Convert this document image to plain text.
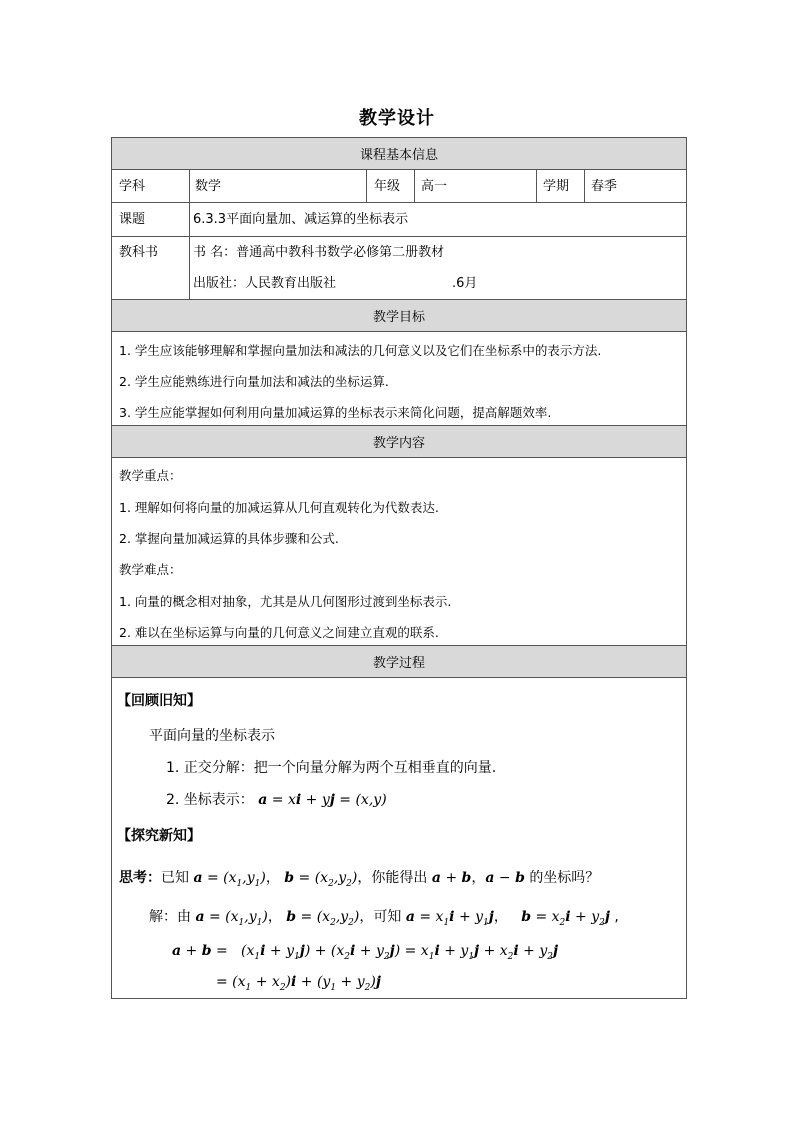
教学设计
课程基本信息
学科	数学	年级 高一	学期 春季
课题	6.3.3平面向量加、减运算的坐标表示
教科书	书 名：普通高中教科书数学必修第二册教材
出版社：人民教育出版社	.6月
教学目标
1. 学生应该能够理解和掌握向量加法和减法的几何意义以及它们在坐标系中的表示方法.
2. 学生应能熟练进行向量加法和减法的坐标运算.
3. 学生应能掌握如何利用向量加减运算的坐标表示来简化问题，提高解题效率.
教学内容
教学重点：
1. 理解如何将向量的加减运算从几何直观转化为代数表达.
2. 掌握向量加减运算的具体步骤和公式.
教学难点：
1. 向量的概念相对抽象，尤其是从几何图形过渡到坐标表示.
2. 难以在坐标运算与向量的几何意义之间建立直观的联系.
教学过程
【回顾旧知】
平面向量的坐标表示
1. 正交分解：把一个向量分解为两个互相垂直的向量.
2. 坐标表示： a = xi + yj = (x,y)
【探究新知】
思考：已知 $a = (x_1,y_1)$， $b = (x_2,y_2)$，你能得出 a + b，a − b 的坐标吗？
解：由 $a = (x_1,y_1)$， $b = (x_2,y_2)$，可知 $a = x_1i + y_1j$，   $b = x_2i + y_2j$ ,
$a + b = (x_1i + y_1j) + (x_2i + y_2j) = x_1i + y_1j + x_2i + y_2j$
= $(x_1 + x_2)i + (y_1 + y_2)j$
